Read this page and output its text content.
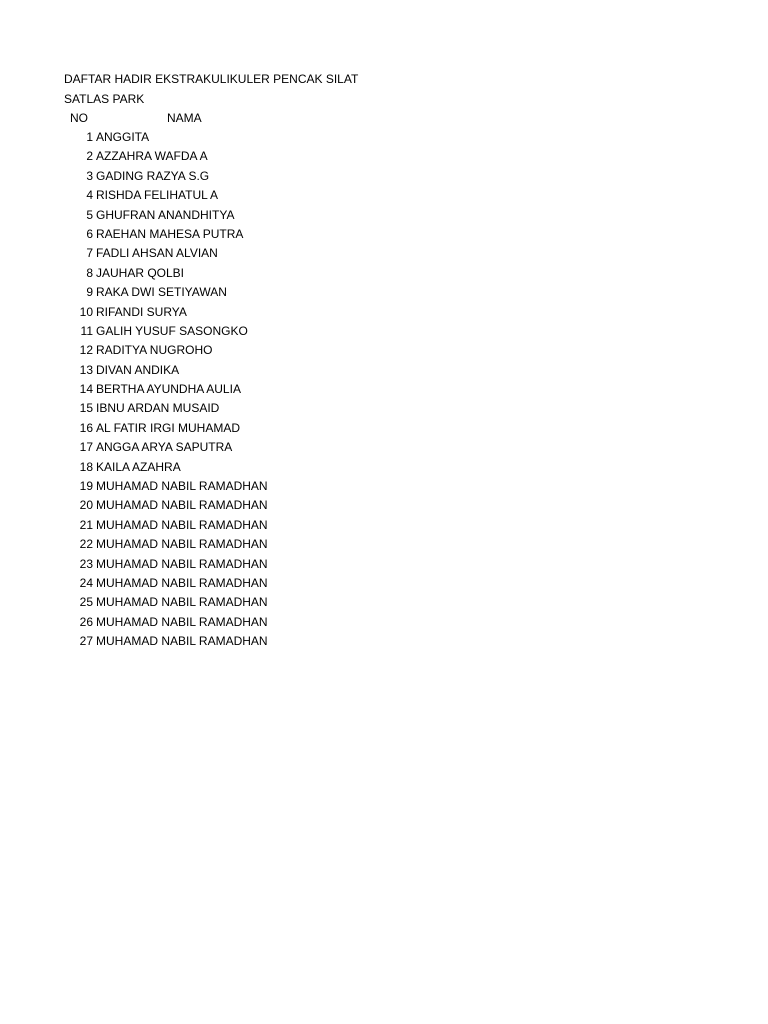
DAFTAR HADIR EKSTRAKULIKULER PENCAK SILAT
SATLAS PARK
NO	NAMA
1 ANGGITA
2 AZZAHRA WAFDA A
3 GADING RAZYA S.G
4 RISHDA FELIHATUL A
5 GHUFRAN ANANDHITYA
6 RAEHAN MAHESA PUTRA
7 FADLI AHSAN ALVIAN
8 JAUHAR QOLBI
9 RAKA DWI SETIYAWAN
10 RIFANDI SURYA
11 GALIH YUSUF SASONGKO
12 RADITYA NUGROHO
13 DIVAN ANDIKA
14 BERTHA AYUNDHA AULIA
15 IBNU ARDAN MUSAID
16 AL FATIR IRGI MUHAMAD
17 ANGGA ARYA SAPUTRA
18 KAILA AZAHRA
19 MUHAMAD NABIL RAMADHAN
20 MUHAMAD NABIL RAMADHAN
21 MUHAMAD NABIL RAMADHAN
22 MUHAMAD NABIL RAMADHAN
23 MUHAMAD NABIL RAMADHAN
24 MUHAMAD NABIL RAMADHAN
25 MUHAMAD NABIL RAMADHAN
26 MUHAMAD NABIL RAMADHAN
27 MUHAMAD NABIL RAMADHAN
